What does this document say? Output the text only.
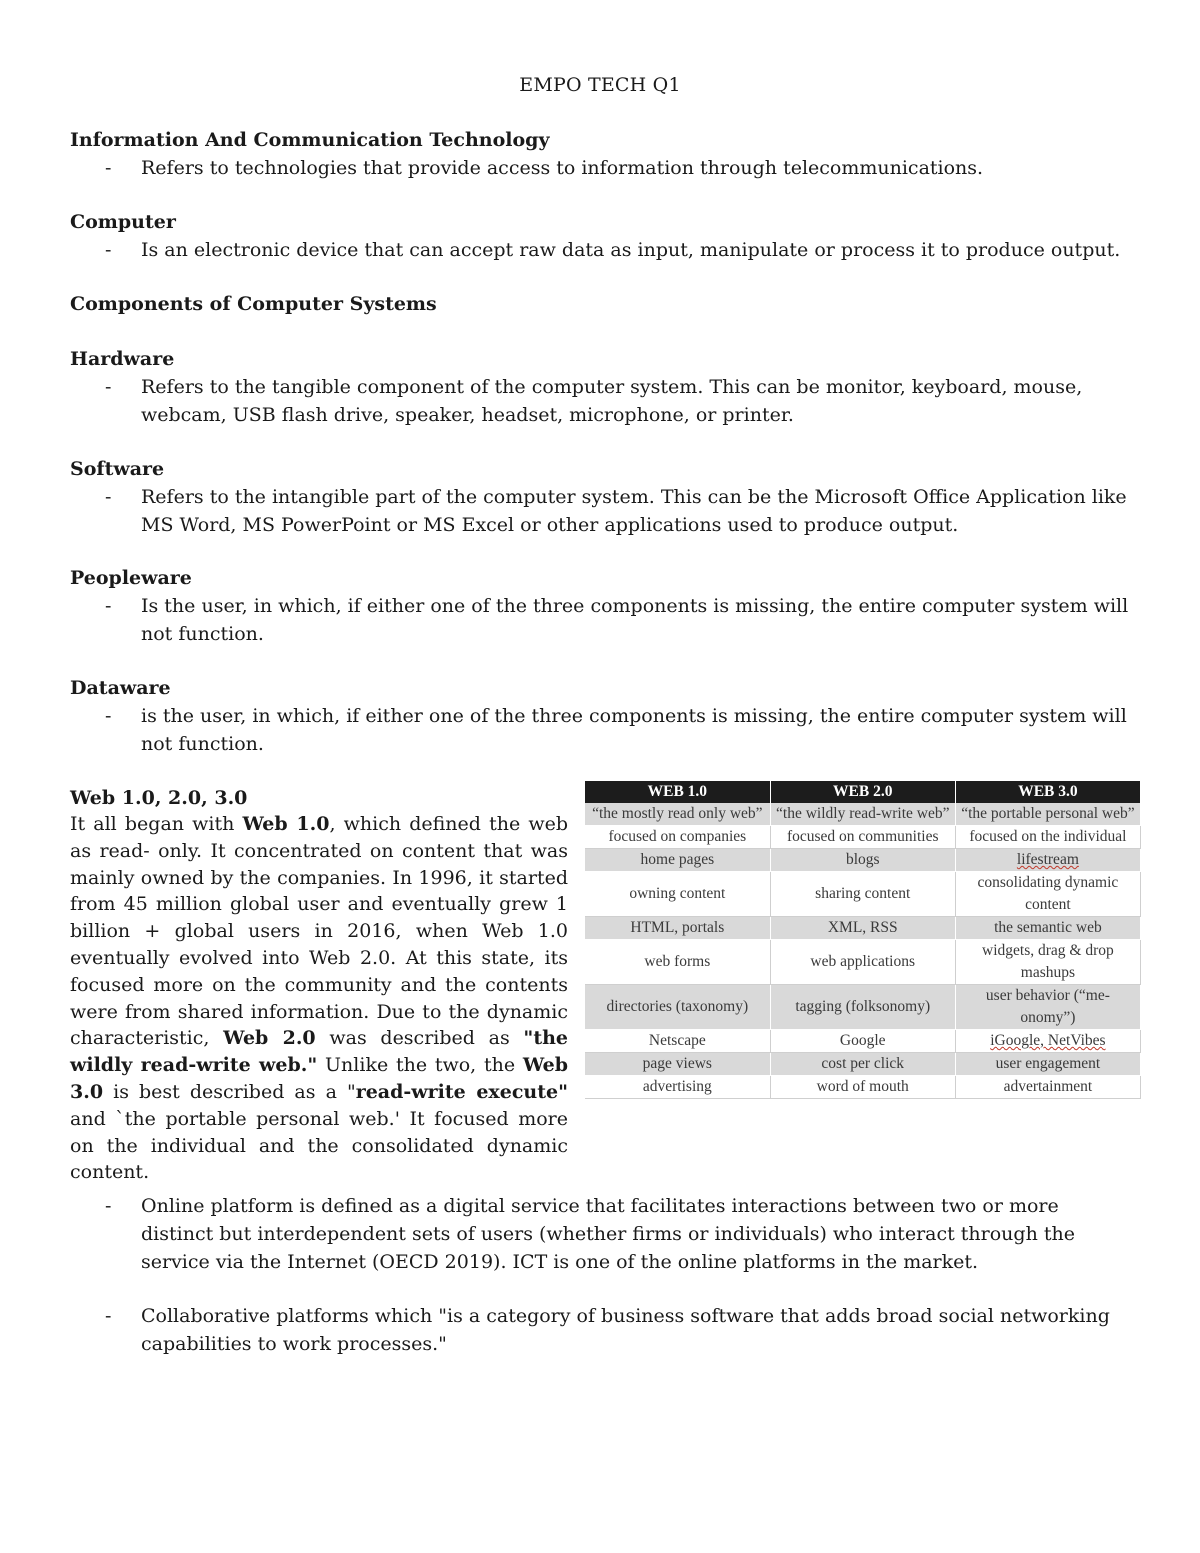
EMPO TECH Q1
Information And Communication Technology
- Refers to technologies that provide access to information through telecommunications.
Computer
- Is an electronic device that can accept raw data as input, manipulate or process it to produce output.
Components of Computer Systems
Hardware
- Refers to the tangible component of the computer system. This can be monitor, keyboard, mouse, webcam, USB flash drive, speaker, headset, microphone, or printer.
Software
- Refers to the intangible part of the computer system. This can be the Microsoft Office Application like MS Word, MS PowerPoint or MS Excel or other applications used to produce output.
Peopleware
- Is the user, in which, if either one of the three components is missing, the entire computer system will not function.
Dataware
- is the user, in which, if either one of the three components is missing, the entire computer system will not function.
Web 1.0, 2.0, 3.0
It all began with Web 1.0, which defined the web as read- only. It concentrated on content that was mainly owned by the companies. In 1996, it started from 45 million global user and eventually grew 1 billion + global users in 2016, when Web 1.0 eventually evolved into Web 2.0. At this state, its focused more on the community and the contents were from shared information. Due to the dynamic characteristic, Web 2.0 was described as "the wildly read-write web." Unlike the two, the Web 3.0 is best described as a "read-write execute" and `the portable personal web.' It focused more on the individual and the consolidated dynamic content.
WEB 1.0	WEB 2.0	WEB 3.0
“the mostly read only web”	“the wildly read-write web”	“the portable personal web”
focused on companies	focused on communities	focused on the individual
home pages	blogs	lifestream
owning content	sharing content	consolidating dynamic content
HTML, portals	XML, RSS	the semantic web
web forms	web applications	widgets, drag & drop mashups
directories (taxonomy)	tagging (folksonomy)	user behavior (“me-onomy”)
Netscape	Google	iGoogle, NetVibes
page views	cost per click	user engagement
advertising	word of mouth	advertainment
- Online platform is defined as a digital service that facilitates interactions between two or more distinct but interdependent sets of users (whether firms or individuals) who interact through the service via the Internet (OECD 2019). ICT is one of the online platforms in the market.
- Collaborative platforms which "is a category of business software that adds broad social networking capabilities to work processes."
